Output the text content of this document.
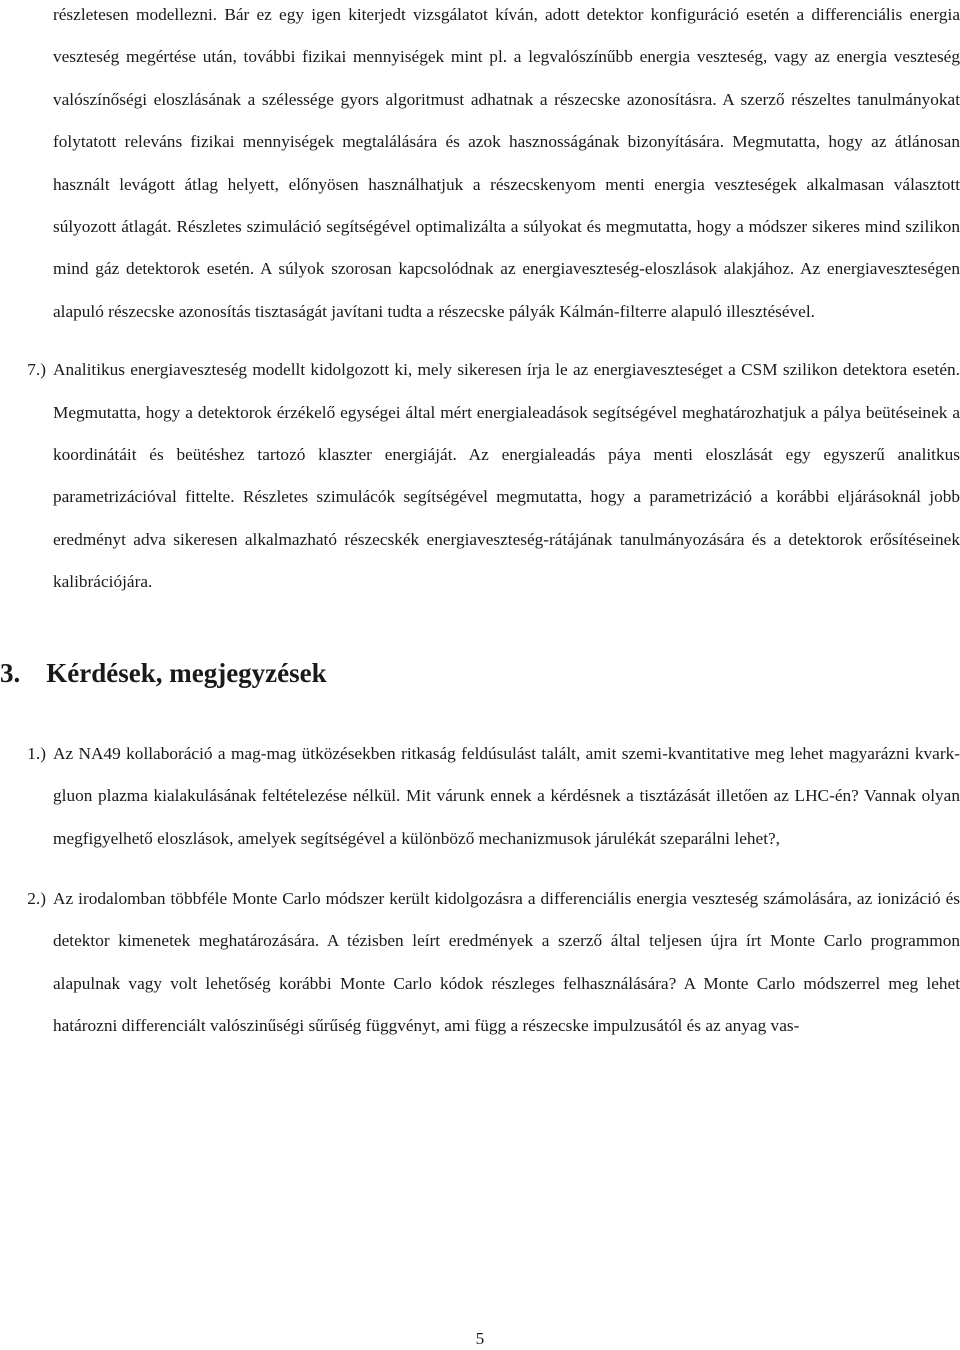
részletesen modellezni. Bár ez egy igen kiterjedt vizsgálatot kíván, adott detektor konfiguráció esetén a differenciális energia veszteség megértése után, további fizikai mennyiségek mint pl. a legvalószínűbb energia veszteség, vagy az energia veszteség valószínőségi eloszlásának a szélessége gyors algoritmust adhatnak a részecske azonosításra. A szerző részeltes tanulmányokat folytatott releváns fizikai mennyiségek megtalálására és azok hasznosságának bizonyítására. Megmutatta, hogy az átlánosan használt levágott átlag helyett, előnyösen használhatjuk a részecskenyom menti energia veszteségek alkalmasan választott súlyozott átlagát. Részletes szimuláció segítségével optimalizálta a súlyokat és megmutatta, hogy a módszer sikeres mind szilikon mind gáz detektorok esetén. A súlyok szorosan kapcsolódnak az energiaveszteség-eloszlások alakjához. Az energiaveszteségen alapuló részecske azonosítás tisztaságát javítani tudta a részecske pályák Kálmán-filterre alapuló illesztésével.

7.) Analitikus energiaveszteség modellt kidolgozott ki, mely sikeresen írja le az energiaveszteséget a CSM szilikon detektora esetén. Megmutatta, hogy a detektorok érzékelő egységei által mért energialeadások segítségével meghatározhatjuk a pálya beütéseinek a koordinátáit és beütéshez tartozó klaszter energiáját. Az energialeadás páya menti eloszlását egy egyszerű analitkus parametrizációval fittelte. Részletes szimulácók segítségével megmutatta, hogy a parametrizáció a korábbi eljárásoknál jobb eredményt adva sikeresen alkalmazható részecskék energiaveszteség-rátájának tanulmányozására és a detektorok erősítéseinek kalibrációjára.
3. Kérdések, megjegyzések
1.) Az NA49 kollaboráció a mag-mag ütközésekben ritkaság feldúsulást talált, amit szemi-kvantitative meg lehet magyarázni kvark-gluon plazma kialakulásának feltételezése nélkül. Mit várunk ennek a kérdésnek a tisztázását illetően az LHC-én? Vannak olyan megfigyelhető eloszlások, amelyek segítségével a különböző mechanizmusok járulékát szeparálni lehet?,
2.) Az irodalomban többféle Monte Carlo módszer került kidolgozásra a differenciális energia veszteség számolására, az ionizáció és detektor kimenetek meghatározására. A tézisben leírt eredmények a szerző által teljesen újra írt Monte Carlo programmon alapulnak vagy volt lehetőség korábbi Monte Carlo kódok részleges felhasználására? A Monte Carlo módszerrel meg lehet határozni differenciált valószinűségi sűrűség függvényt, ami függ a részecske impulzusától és az anyag vas-
5
